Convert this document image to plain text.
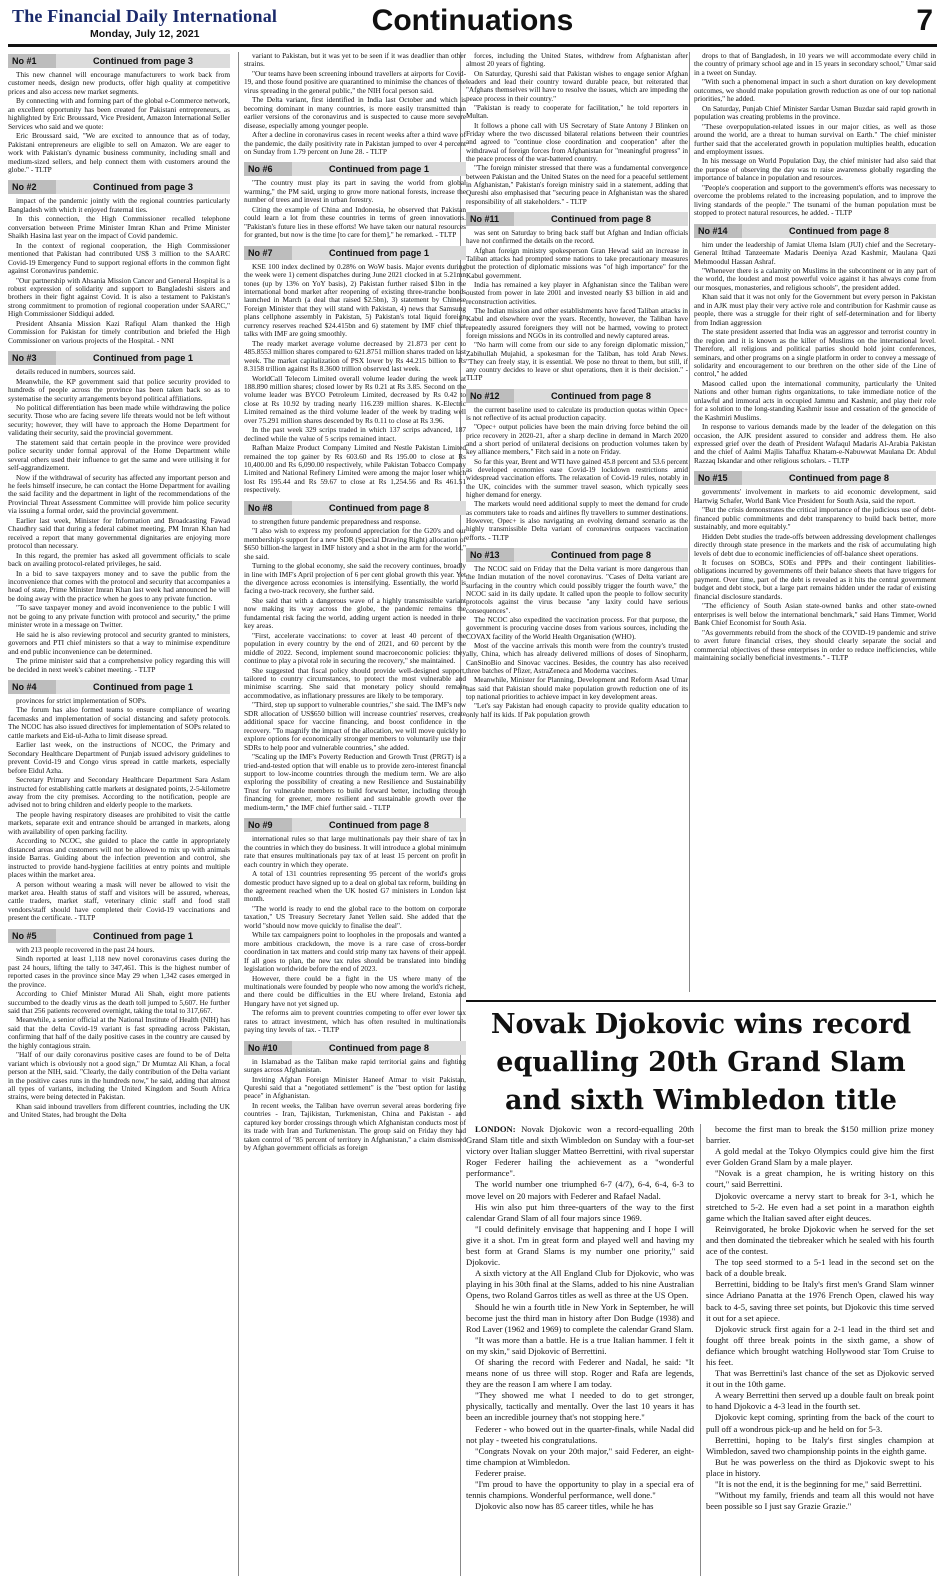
The Financial Daily International
Monday, July 12, 2021	Continuations	7
No #1	Continued from page 3

This new channel will encourage manufacturers to work back from customer needs, design new products, offer high quality at competitive prices and also access new market segments.

By connecting with and forming part of the global e-Commerce network, an excellent opportunity has been created for Pakistani entrepreneurs, as highlighted by Eric Broussard, Vice President, Amazon International Seller Services who said and we quote:

Eric Broussard said, "We are excited to announce that as of today, Pakistani entrepreneurs are eligible to sell on Amazon. We are eager to work with Pakistan's dynamic business community, including small and medium-sized sellers, and help connect them with customers around the globe." - TLTP

No #2	Continued from page 3

impact of the pandemic jointly with the regional countries particularly Bangladesh with which it enjoyed fraternal ties.

In this connection, the High Commissioner recalled telephone conversation between Prime Minister Imran Khan and Prime Minister Shaikh Hasina last year on the impact of Covid pandemic.

In the context of regional cooperation, the High Commissioner mentioned that Pakistan had contributed US$ 3 million to the SAARC Covid-19 Emergency Fund to support regional efforts in the common fight against Coronavirus pandemic.

"Our partnership with Ahsania Mission Cancer and General Hospital is a robust expression of solidarity and support to Bangladeshi sisters and brothers in their fight against Covid. It is also a testament to Pakistan's strong commitment to promotion of regional cooperation under SAARC," High Commissioner Siddiqui added.

President Ahsania Mission Kazi Rafiqul Alam thanked the High Commission for Pakistan for timely contribution and briefed the High Commissioner on various projects of the Hospital. - NNI

No #3	Continued from page 1

details reduced in numbers, sources said.

Meanwhile, the KP government said that police security provided to hundreds of people across the province has been taken back so as to systematise the security arrangements beyond political affiliations.

No political differentiation has been made while withdrawing the police security. Those who are facing severe life threats would not be left without security; however, they will have to approach the Home Department for validating their security, said the provincial government.

The statement said that certain people in the province were provided police security under formal approval of the Home Department while several others used their influence to get the same and were utilising it for self-aggrandizement.

Now if the withdrawal of security has affected any important person and he feels himself insecure, he can contact the Home Department for availing the said facility and the department in light of the recommendations of the Provincial Threat Assessment Committee will provide him police security via issuing a formal order, said the provincial government.

Earlier last week, Minister for Information and Broadcasting Fawad Chaudhry said that during a federal cabinet meeting, PM Imran Khan had received a report that many governmental dignitaries are enjoying more protocol than necessary.

In this regard, the premier has asked all government officials to scale back on availing protocol-related privileges, he said.

In a bid to save taxpayers money and to save the public from the inconvenience that comes with the protocol and security that accompanies a head of state, Prime Minister Imran Khan last week had announced he will be doing away with the practice when he goes to any private function.

"To save taxpayer money and avoid inconvenience to the public I will not be going to any private function with protocol and security," the prime minister wrote in a message on Twitter.

He said he is also reviewing protocol and security granted to ministers, governors and PTI chief ministers so that a way to minimise expenditure and end public inconvenience can be determined.

The prime minister said that a comprehensive policy regarding this will be decided in next week's cabinet meeting. - TLTP

No #4	Continued from page 1

provinces for strict implementation of SOPs.

The forum has also formed teams to ensure compliance of wearing facemasks and implementation of social distancing and safety protocols. The NCOC has also issued directives for implementation of SOPs related to cattle markets and Eid-ul-Azha to limit disease spread.

Earlier last week, on the instructions of NCOC, the Primary and Secondary Healthcare Department of Punjab issued advisory guidelines to prevent Covid-19 and Congo virus spread in cattle markets, especially before Eidul Azha.

Secretary Primary and Secondary Healthcare Department Sara Aslam instructed for establishing cattle markets at designated points, 2-5-kilometre away from the city premises. According to the notification, people are advised not to bring children and elderly people to the markets.

The people having respiratory diseases are prohibited to visit the cattle markets, separate exit and entrance should be arranged in markets, along with availability of open parking facility.

According to NCOC, she guided to place the cattle in appropriately distanced areas and customers will not be allowed to mix up with animals inside Barras. Guiding about the infection prevention and control, she instructed to provide hand-hygiene facilities at entry points and multiple places within the market area.

A person without wearing a mask will never be allowed to visit the market area. Health status of staff and visitors will be assured, whereas, cattle traders, market staff, veterinary clinic staff and food stall vendors/staff should have completed their Covid-19 vaccinations and present the certificate. - TLTP

No #5	Continued from page 1

with 213 people recovered in the past 24 hours.

Sindh reported at least 1,118 new novel coronavirus cases during the past 24 hours, lifting the tally to 347,461. This is the highest number of reported cases in the province since May 29 when 1,342 cases emerged in the province.

According to Chief Minister Murad Ali Shah, eight more patients succumbed to the deadly virus as the death toll jumped to 5,607. He further said that 256 patients recovered overnight, taking the total to 317,667.

Meanwhile, a senior official at the National Institute of Health (NIH) has said that the delta Covid-19 variant is fast spreading across Pakistan, confirming that half of the daily positive cases in the country are caused by the highly contagious strain.

"Half of our daily coronavirus positive cases are found to be of Delta variant which is obviously not a good sign," Dr Mumtaz Ali Khan, a focal person at the NIH, said. "Clearly, the daily contribution of the Delta variant in the positive cases runs in the hundreds now," he said, adding that almost all types of variants, including the United Kingdom and South Africa strains, were being detected in Pakistan.

Khan said inbound travellers from different countries, including the UK and United States, had brought the Delta

variant to Pakistan, but it was yet to be seen if it was deadlier than other strains.

"Our teams have been screening inbound travellers at airports for Covid-19, and those found positive are quarantined to minimise the chances of the virus spreading in the general public," the NIH focal person said.

The Delta variant, first identified in India last October and which is becoming dominant in many countries, is more easily transmitted than earlier versions of the coronavirus and is suspected to cause more severe disease, especially among younger people.

After a decline in coronavirus cases in recent weeks after a third wave of the pandemic, the daily positivity rate in Pakistan jumped to over 4 percent on Sunday from 1.79 percent on June 28. - TLTP

No #6	Continued from page 1

"The country must play its part in saving the world from global warming," the PM said, urging to grow more national forests, increase the number of trees and invest in urban forestry.

Citing the example of China and Indonesia, he observed that Pakistan could learn a lot from these countries in terms of green innovations. "Pakistan's future lies in these efforts! We have taken our natural resources for granted, but now is the time [to care for them]," he remarked. - TLTP

No #7	Continued from page 1

KSE 100 index declined by 0.28% on WoW basis. Major events during the week were 1) cement dispatches during June 2021 clocked in at 5.21mn tones (up by 13% on YoY basis), 2) Pakistan further raised $1bn in the international bond market after reopening of existing three-tranche bonds launched in March (a deal that raised $2.5bn), 3) statement by Chinese Foreign Minister that they will stand with Pakistan, 4) news that Samsung plans cellphone assembly in Pakistan, 5) Pakistan's total liquid foreign currency reserves reached $24.415bn and 6) statement by IMF chief that talks with IMF are going smoothly.

The ready market average volume decreased by 21.873 per cent to 485.8553 million shares compared to 621.8751 million shares traded on last week. The market capitalization of PSX lower by Rs 44.215 billion to Rs 8.3158 trillion against Rs 8.3600 trillion observed last week.

WorldCall Telecom Limited overall volume leader during the week at 188.890 million shares; closed lower by Rs 0.21 at Rs 3.85. Second on the volume leader was BYCO Petroleum Limited, decreased by Rs 0.42 to close at Rs 10.92 by trading nearly 116.239 million shares. K-Electric Limited remained as the third volume leader of the week by trading well over 75.291 million shares descended by Rs 0.11 to close at Rs 3.96.

In the past week 329 scrips traded in which 137 scrips advanced, 187 declined while the value of 5 scrips remained intact.

Rafhan Maize Product Company Limited and Nestle Pakistan Limited remained the top gainer by Rs 603.60 and Rs 195.00 to close at Rs 10,400.00 and Rs 6,090.00 respectively, while Pakistan Tobacco Company Limited and National Refinery Limited were among the major loser which lost Rs 195.44 and Rs 59.67 to close at Rs 1,254.56 and Rs 461.51 respectively.

No #8	Continued from page 8

to strengthen future pandemic preparedness and response.

"I also wish to express my profound appreciation for the G20's and our membership's support for a new SDR (Special Drawing Right) allocation of $650 billion-the largest in IMF history and a shot in the arm for the world," she said.

Turning to the global economy, she said the recovery continues, broadly in line with IMF's April projection of 6 per cent global growth this year. Yet the divergence across economies is intensifying. Essentially, the world is facing a two-track recovery, she further said.

She said that with a dangerous wave of a highly transmissible variant now making its way across the globe, the pandemic remains the fundamental risk facing the world, adding urgent action is needed in three key areas.

"First, accelerate vaccinations: to cover at least 40 percent of the population in every country by the end of 2021, and 60 percent by the middle of 2022. Second, implement sound macroeconomic policies: they continue to play a pivotal role in securing the recovery," she maintained.

She suggested that fiscal policy should provide well-designed support, tailored to country circumstances, to protect the most vulnerable and minimise scarring. She said that monetary policy should remain accommodative, as inflationary pressures are likely to be temporary.

"Third, step up support to vulnerable countries," she said. The IMF's new SDR allocation of US$650 billion will increase countries' reserves, create additional space for vaccine financing, and boost confidence in the recovery. "To magnify the impact of the allocation, we will move quickly to explore options for economically stronger members to voluntarily use their SDRs to help poor and vulnerable countries," she added.

"Scaling up the IMF's Poverty Reduction and Growth Trust (PRGT) is a tried-and-tested option that will enable us to provide zero-interest financial support to low-income countries through the medium term. We are also exploring the possibility of creating a new Resilience and Sustainability Trust for vulnerable members to build forward better, including through financing for greener, more resilient and sustainable growth over the medium-term," the IMF chief further said. - TLTP

No #9	Continued from page 8

international rules so that large multinationals pay their share of tax in the countries in which they do business. It will introduce a global minimum rate that ensures multinationals pay tax of at least 15 percent on profit in each country in which they operate.

A total of 131 countries representing 95 percent of the world's gross domestic product have signed up to a deal on global tax reform, building on the agreement reached when the UK hosted G7 ministers in London last month.

"The world is ready to end the global race to the bottom on corporate taxation," US Treasury Secretary Janet Yellen said. She added that the world "should now move quickly to finalise the deal".

While tax campaigners point to loopholes in the proposals and wanted a more ambitious crackdown, the move is a rare case of cross-border coordination in tax matters and could strip many tax havens of their appeal. If all goes to plan, the new tax rules should be translated into binding legislation worldwide before the end of 2023.

However, there could be a fight in the US where many of the multinationals were founded by people who now among the world's richest, and there could be difficulties in the EU where Ireland, Estonia and Hungary have not yet signed up.

The reforms aim to prevent countries competing to offer ever lower tax rates to attract investment, which has often resulted in multinationals paying tiny levels of tax. - TLTP

No #10	Continued from page 8

in Islamabad as the Taliban make rapid territorial gains and fighting surges across Afghanistan.

Inviting Afghan Foreign Minister Haneef Atmar to visit Pakistan, Qureshi said that a "negotiated settlement" is the "best option for lasting peace" in Afghanistan.

In recent weeks, the Taliban have overrun several areas bordering five countries - Iran, Tajikistan, Turkmenistan, China and Pakistan - and captured key border crossings through which Afghanistan conducts most of its trade with Iran and Turkmenistan. The group said on Friday they had taken control of "85 percent of territory in Afghanistan," a claim dismissed by Afghan government officials as foreign

forces, including the United States, withdrew from Afghanistan after almost 20 years of fighting.

On Saturday, Qureshi said that Pakistan wishes to engage senior Afghan leaders and lead their country toward durable peace, but reiterated that "Afghans themselves will have to resolve the issues, which are impeding the peace process in their country."

"Pakistan is ready to cooperate for facilitation," he told reporters in Multan.

It follows a phone call with US Secretary of State Antony J Blinken on Friday where the two discussed bilateral relations between their countries and agreed to "continue close coordination and cooperation" after the withdrawal of foreign forces from Afghanistan for "meaningful progress" in the peace process of the war-battered country.

"The foreign minister stressed that there was a fundamental convergence between Pakistan and the United States on the need for a peaceful settlement in Afghanistan," Pakistan's foreign ministry said in a statement, adding that Qureshi also emphasised that "securing peace in Afghanistan was the shared responsibility of all stakeholders." - TLTP

No #11	Continued from page 8

was sent on Saturday to bring back staff but Afghan and Indian officials have not confirmed the details on the record.

Afghan foreign ministry spokesperson Gran Hewad said an increase in Taliban attacks had prompted some nations to take precautionary measures but the protection of diplomatic missions was "of high importance" for the Kabul government.

India has remained a key player in Afghanistan since the Taliban were ousted from power in late 2001 and invested nearly $3 billion in aid and reconstruction activities.

The Indian mission and other establishments have faced Taliban attacks in Kabul and elsewhere over the years. Recently, however, the Taliban have repeatedly assured foreigners they will not be harmed, vowing to protect foreign missions and NGOs in its controlled and newly captured areas.

"No harm will come from our side to any foreign diplomatic mission," Zabihullah Mujahid, a spokesman for the Taliban, has told Arab News. "They can freely stay, it is essential. We pose no threat to them, but still, if any country decides to leave or shut operations, then it is their decision." - TLTP

No #12	Continued from page 8

the current baseline used to calculate its production quotas within Opec+ is not reflective of its actual production capacity.

"Opec+ output policies have been the main driving force behind the oil price recovery in 2020-21, after a sharp decline in demand in March 2020 and a short period of unilateral decisions on production volumes taken by key alliance members," Fitch said in a note on Friday.

So far this year, Brent and WTI have gained 45.8 percent and 53.6 percent as developed economies ease Covid-19 lockdown restrictions amid widespread vaccination efforts. The relaxation of Covid-19 rules, notably in the UK, coincides with the summer travel season, which typically sees higher demand for energy.

The markets would need additional supply to meet the demand for crude as commuters take to roads and airlines fly travellers to summer destinations. However, Opec+ is also navigating an evolving demand scenario as the highly transmissible Delta variant of coronavirus outpaces vaccination efforts. - TLTP

No #13	Continued from page 8

The NCOC said on Friday that the Delta variant is more dangerous than the Indian mutation of the novel coronavirus. "Cases of Delta variant are surfacing in the country which could possibly trigger the fourth wave," the NCOC said in its daily update. It called upon the people to follow security protocols against the virus because "any laxity could have serious consequences".

The NCOC also expedited the vaccination process. For that purpose, the government is procuring vaccine doses from various sources, including the COVAX facility of the World Health Organisation (WHO).

Most of the vaccine arrivals this month were from the country's trusted ally, China, which has already delivered millions of doses of Sinopharm, CanSinoBio and Sinovac vaccines. Besides, the country has also received three batches of Pfizer, AstraZeneca and Moderna vaccines.

Meanwhile, Minister for Planning, Development and Reform Asad Umar has said that Pakistan should make population growth reduction one of its top national priorities to achieve impact in key development areas.

"Let's say Pakistan had enough capacity to provide quality education to only half its kids. If Pak population growth

drops to that of Bangladesh, in 10 years we will accommodate every child in the country of primary school age and in 15 years in secondary school," Umar said in a tweet on Sunday.

"With such a phenomenal impact in such a short duration on key development outcomes, we should make population growth reduction as one of our top national priorities," he added.

On Saturday, Punjab Chief Minister Sardar Usman Buzdar said rapid growth in population was creating problems in the province.

"These overpopulation-related issues in our major cities, as well as those around the world, are a threat to human survival on Earth." The chief minister further said that the accelerated growth in population multiplies health, education and employment issues.

In his message on World Population Day, the chief minister had also said that the purpose of observing the day was to raise awareness globally regarding the importance of balance in population and resources.

"People's cooperation and support to the government's efforts was necessary to overcome the problems related to the increasing population, and to improve the living standards of the people." The tsunami of the human population must be stopped to protect natural resources, he added. - TLTP

No #14	Continued from page 8

him under the leadership of Jamiat Ulema Islam (JUI) chief and the Secretary-General Ittihad Tanzeemate Madaris Deeniya Azad Kashmir, Maulana Qazi Mehmoodul Hassan Ashraf.

"Whenever there is a calamity on Muslims in the subcontinent or in any part of the world, the loudest and most powerful voice against it has always come from our mosques, monasteries, and religious schools", the president added.

Khan said that it was not only for the Government but every person in Pakistan and in AJK must play their very active role and contribution for Kashmir cause as people, there was a struggle for their right of self-determination and for liberty from Indian aggression

The state president asserted that India was an aggressor and terrorist country in the region and it is known as the killer of Muslims on the international level. Therefore, all religious and political parties should hold joint conferences, seminars, and other programs on a single platform in order to convey a message of solidarity and encouragement to our brethren on the other side of the Line of control," he added

Masood called upon the international community, particularly the United Nations and other human rights organizations, to take immediate notice of the unlawful and immoral acts in occupied Jammu and Kashmir, and play their role for a solution to the long-standing Kashmir issue and cessation of the genocide of the Kashmiri Muslims.

In response to various demands made by the leader of the delegation on this occasion, the AJK president assured to consider and address them. He also expressed grief over the death of President Wafaqul Madaris Al-Arabia Pakistan and the chief of Aalmi Majlis Tahaffuz Khatam-e-Nabuwwat Maulana Dr. Abdul Razzaq Iskandar and other religious scholars. - TLTP

No #15	Continued from page 8

governments' involvement in markets to aid economic development, said Hartwig Schafer, World Bank Vice President for South Asia, said the report.

"But the crisis demonstrates the critical importance of the judicious use of debt-financed public commitments and debt transparency to build back better, more sustainably, and more equitably."

Hidden Debt studies the trade-offs between addressing development challenges directly through state presence in the markets and the risk of accumulating high levels of debt due to economic inefficiencies of off-balance sheet operations.

It focuses on SOBCs, SOEs and PPPs and their contingent liabilities-obligations incurred by governments off their balance sheets that have triggers for payment. Over time, part of the debt is revealed as it hits the central government budget and debt stock, but a large part remains hidden under the radar of existing financial disclosure standards.

"The efficiency of South Asian state-owned banks and other state-owned enterprises is well below the international benchmark," said Hans Timmer, World Bank Chief Economist for South Asia.

"As governments rebuild from the shock of the COVID-19 pandemic and strive to avert future financial crises, they should clearly separate the social and commercial objectives of these enterprises in order to reduce inefficiencies, while maintaining socially beneficial investments." - TLTP

Novak Djokovic wins record equalling 20th Grand Slam and sixth Wimbledon title

LONDON: Novak Djokovic won a record-equalling 20th Grand Slam title and sixth Wimbledon on Sunday with a four-set victory over Italian slugger Matteo Berrettini, with rival superstar Roger Federer hailing the achievement as a "wonderful performance".

The world number one triumphed 6-7 (4/7), 6-4, 6-4, 6-3 to move level on 20 majors with Federer and Rafael Nadal.

His win also put him three-quarters of the way to the first calendar Grand Slam of all four majors since 1969.

"I could definitely envisage that happening and I hope I will give it a shot. I'm in great form and played well and having my best form at Grand Slams is my number one priority," said Djokovic.

A sixth victory at the All England Club for Djokovic, who was playing in his 30th final at the Slams, added to his nine Australian Opens, two Roland Garros titles as well as three at the US Open.

Should he win a fourth title in New York in September, he will become just the third man in history after Don Budge (1938) and Rod Laver (1962 and 1969) to complete the calendar Grand Slam.

"It was more than a battle. He is a true Italian hammer. I felt it on my skin," said Djokovic of Berrettini.

Of sharing the record with Federer and Nadal, he said: "It means none of us three will stop. Roger and Rafa are legends, they are the reason I am where I am today.

"They showed me what I needed to do to get stronger, physically, tactically and mentally. Over the last 10 years it has been an incredible journey that's not stopping here."

Federer - who bowed out in the quarter-finals, while Nadal did not play - tweeted his congratulations.

"Congrats Novak on your 20th major," said Federer, an eight-time champion at Wimbledon.

Federer praise.

"I'm proud to have the opportunity to play in a special era of tennis champions. Wonderful performance, well done."

Djokovic also now has 85 career titles, while he has

become the first man to break the $150 million prize money barrier.

A gold medal at the Tokyo Olympics could give him the first ever Golden Grand Slam by a male player.

"Novak is a great champion, he is writing history on this court," said Berrettini.

Djokovic overcame a nervy start to break for 3-1, which he stretched to 5-2. He even had a set point in a marathon eighth game which the Italian saved after eight deuces.

Reinvigorated, he broke Djokovic when he served for the set and then dominated the tiebreaker which he sealed with his fourth ace of the contest.

The top seed stormed to a 5-1 lead in the second set on the back of a double break.

Berrettini, bidding to be Italy's first men's Grand Slam winner since Adriano Panatta at the 1976 French Open, clawed his way back to 4-5, saving three set points, but Djokovic this time served it out for a set apiece.

Djokovic struck first again for a 2-1 lead in the third set and fought off three break points in the sixth game, a show of defiance which brought watching Hollywood star Tom Cruise to his feet.

That was Berrettini's last chance of the set as Djokovic served it out in the 10th game.

A weary Berrettini then served up a double fault on break point to hand Djokovic a 4-3 lead in the fourth set.

Djokovic kept coming, sprinting from the back of the court to pull off a wondrous pick-up and he held on for 5-3.

Berrettini, hoping to be Italy's first singles champion at Wimbledon, saved two championship points in the eighth game.

But he was powerless on the third as Djokovic swept to his place in history.

"It is not the end, it is the beginning for me," said Berrettini.

"Without my family, friends and team all this would not have been possible so I just say Grazie Grazie."
